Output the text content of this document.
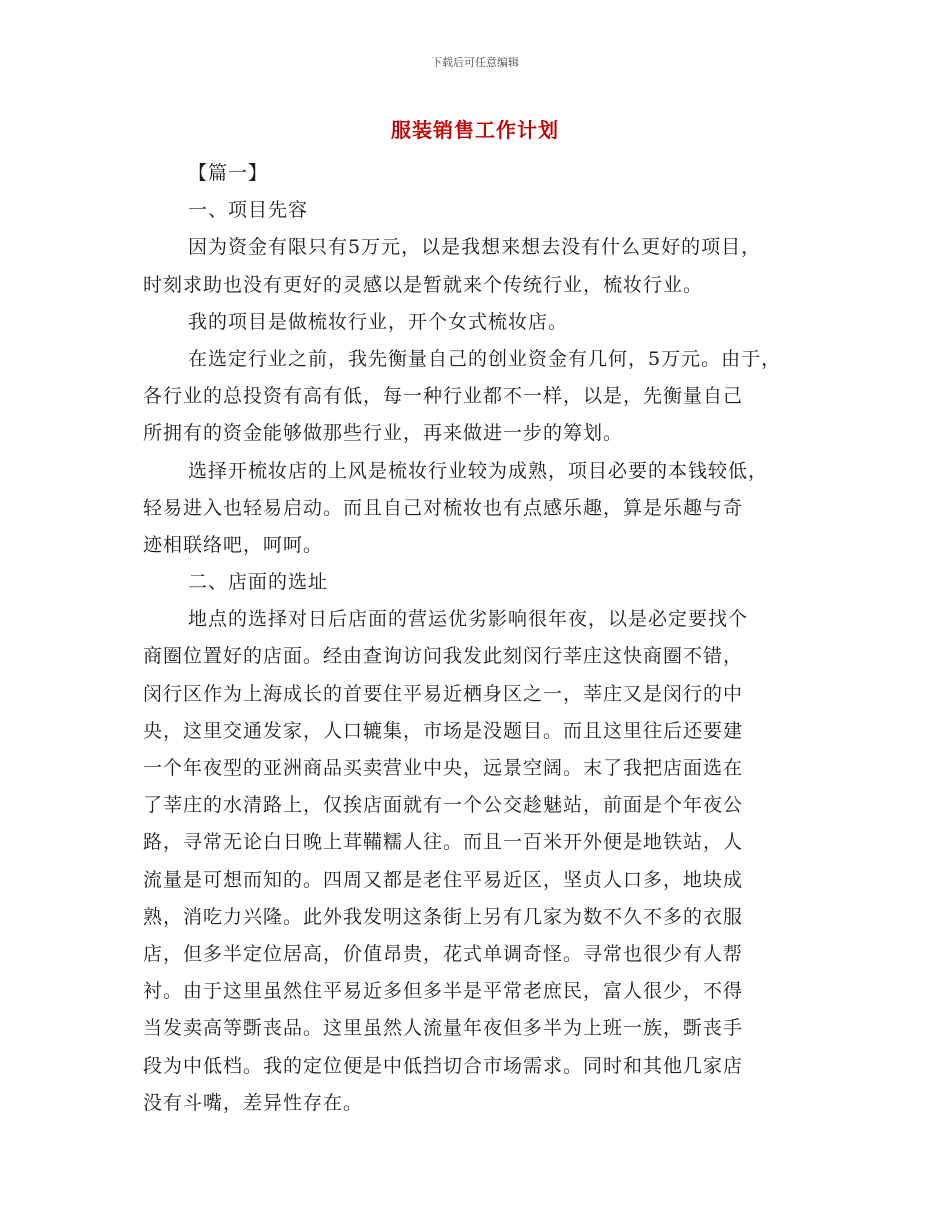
下载后可任意编辑
服装销售工作计划
【篇一】
一、项目先容
因为资金有限只有5万元，以是我想来想去没有什么更好的项目，
时刻求助也没有更好的灵感以是暂就来个传统行业，梳妆行业。
我的项目是做梳妆行业，开个女式梳妆店。
在选定行业之前，我先衡量自己的创业资金有几何，5万元。由于，
各行业的总投资有高有低，每一种行业都不一样，以是，先衡量自己
所拥有的资金能够做那些行业，再来做进一步的筹划。
选择开梳妆店的上风是梳妆行业较为成熟，项目必要的本钱较低，
轻易进入也轻易启动。而且自己对梳妆也有点感乐趣，算是乐趣与奇
迹相联络吧，呵呵。
二、店面的选址
地点的选择对日后店面的营运优劣影响很年夜，以是必定要找个
商圈位置好的店面。经由查询访问我发此刻闵行莘庄这快商圈不错，
闵行区作为上海成长的首要住平易近栖身区之一，莘庄又是闵行的中
央，这里交通发家，人口辘集，市场是没题目。而且这里往后还要建
一个年夜型的亚洲商品买卖营业中央，远景空阔。末了我把店面选在
了莘庄的水清路上，仅挨店面就有一个公交趁魅站，前面是个年夜公
路，寻常无论白日晚上茸鞴糯人往。而且一百米开外便是地铁站，人
流量是可想而知的。四周又都是老住平易近区，坚贞人口多，地块成
熟，消吃力兴隆。此外我发明这条街上另有几家为数不久不多的衣服
店，但多半定位居高，价值昂贵，花式单调奇怪。寻常也很少有人帮
衬。由于这里虽然住平易近多但多半是平常老庶民，富人很少，不得
当发卖高等斲丧品。这里虽然人流量年夜但多半为上班一族，斲丧手
段为中低档。我的定位便是中低挡切合市场需求。同时和其他几家店
没有斗嘴，差异性存在。
